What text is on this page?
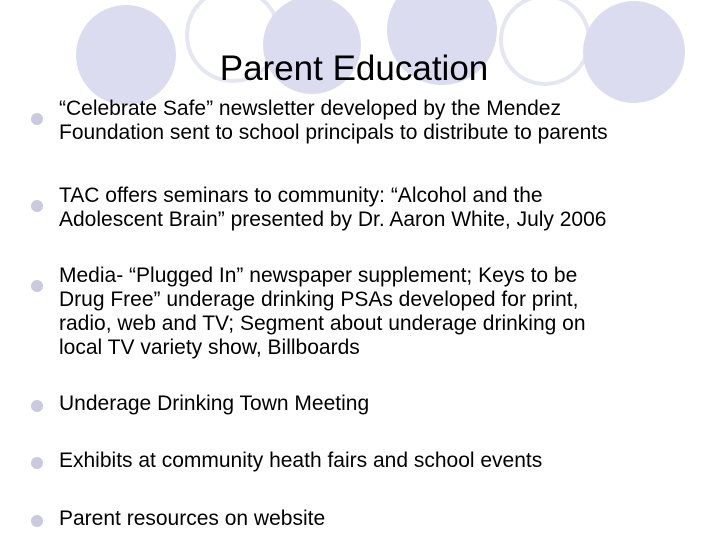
Parent Education
“Celebrate Safe” newsletter developed by the Mendez
Foundation sent to school principals to distribute to parents
TAC offers seminars to community: “Alcohol and the
Adolescent Brain” presented by Dr. Aaron White, July 2006
Media- “Plugged In” newspaper supplement; Keys to be
Drug Free” underage drinking PSAs developed for print,
radio, web and TV; Segment about underage drinking on
local TV variety show, Billboards
Underage Drinking Town Meeting
Exhibits at community heath fairs and school events
Parent resources on website
